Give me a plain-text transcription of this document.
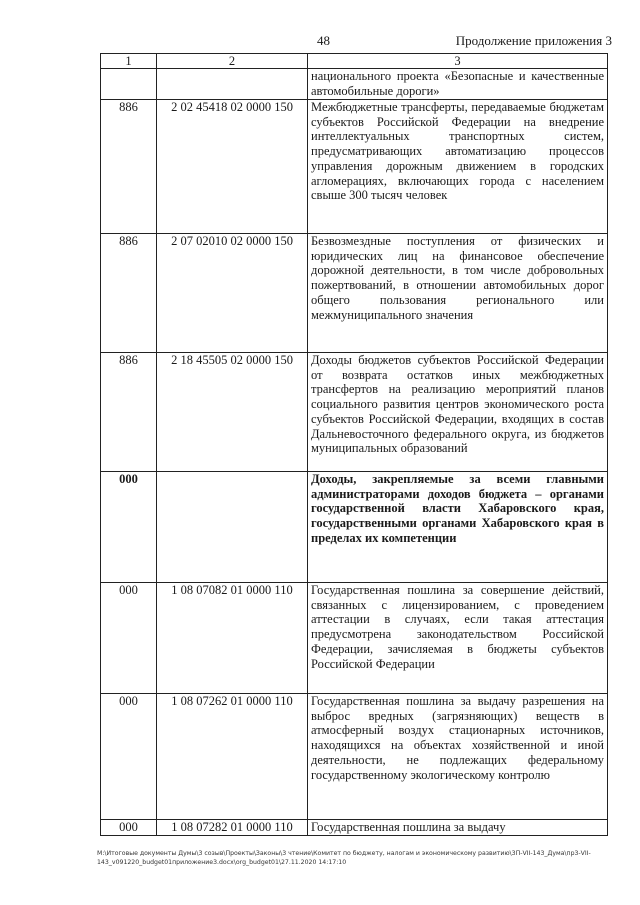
48	Продолжение приложения 3
1	2	3

		национального проекта «Безопасные и качественные автомобильные дороги»

886	2 02 45418 02 0000 150	Межбюджетные трансферты, передаваемые бюджетам субъектов Российской Федерации на внедрение интеллектуальных транспортных систем, предусматривающих автоматизацию процессов управления дорожным движением в городских агломерациях, включающих города с населением свыше 300 тысяч человек

886	2 07 02010 02 0000 150	Безвозмездные поступления от физических и юридических лиц на финансовое обеспечение дорожной деятельности, в том числе добровольных пожертвований, в отношении автомобильных дорог общего пользования регионального или межмуниципального значения

886	2 18 45505 02 0000 150	Доходы бюджетов субъектов Российской Федерации от возврата остатков иных межбюджетных трансфертов на реализацию мероприятий планов социального развития центров экономического роста субъектов Российской Федерации, входящих в состав Дальневосточного федерального округа, из бюджетов муниципальных образований

000		Доходы, закрепляемые за всеми главными администраторами доходов бюджета – органами государственной власти Хабаровского края, государственными органами Хабаровского края в пределах их компетенции

000	1 08 07082 01 0000 110	Государственная пошлина за совершение действий, связанных с лицензированием, с проведением аттестации в случаях, если такая аттестация предусмотрена законодательством Российской Федерации, зачисляемая в бюджеты субъектов Российской Федерации

000	1 08 07262 01 0000 110	Государственная пошлина за выдачу разрешения на выброс вредных (загрязняющих) веществ в атмосферный воздух стационарных источников, находящихся на объектах хозяйственной и иной деятельности, не подлежащих федеральному государственному экологическому контролю

000	1 08 07282 01 0000 110	Государственная пошлина за выдачу
M:\Итоговые документы Думы\3 созыв\Проекты\Законы\3 чтение\Комитет по бюджету, налогам и экономическому развитию\3П-VII-143_Дума\пр3-VII-143_v091220_budget01приложение3.docx\org_budget01\27.11.2020 14:17:10
